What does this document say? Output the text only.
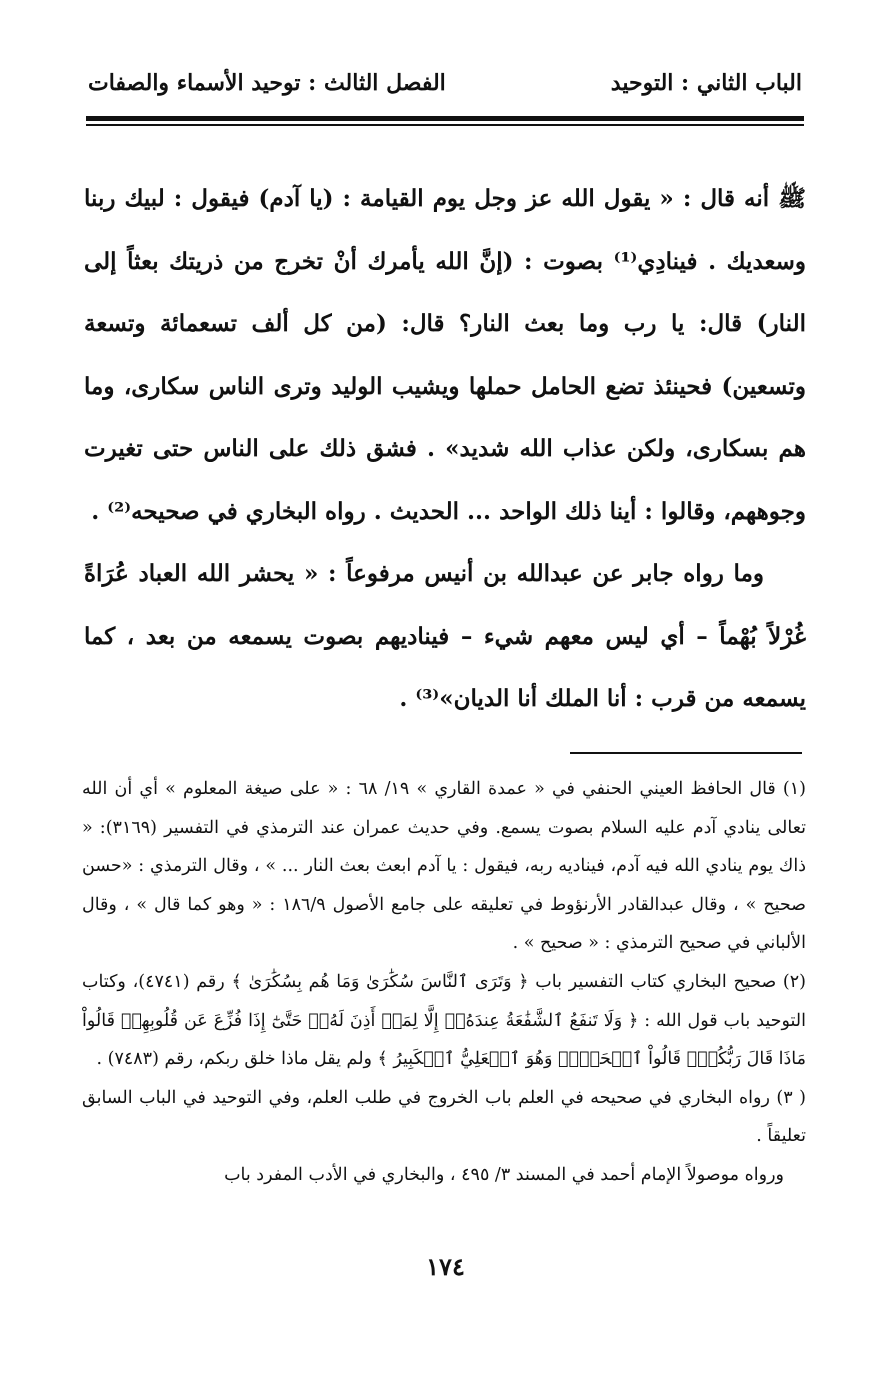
الباب الثاني : التوحيد
الفصل الثالث : توحيد الأسماء والصفات

ﷺ أنه قال : « يقول الله عز وجل يوم القيامة : (يا آدم) فيقول : لبيك ربنا وسعديك . فينادِي⁽¹⁾ بصوت : (إنَّ الله يأمرك أنْ تخرج من ذريتك بعثاً إلى النار) قال: يا رب وما بعث النار؟ قال: (من كل ألف تسعمائة وتسعة وتسعين) فحينئذ تضع الحامل حملها ويشيب الوليد وترى الناس سكارى، وما هم بسكارى، ولكن عذاب الله شديد» . فشق ذلك على الناس حتى تغيرت وجوههم، وقالوا : أينا ذلك الواحد ... الحديث . رواه البخاري في صحيحه⁽²⁾ .

وما رواه جابر عن عبدالله بن أنيس مرفوعاً : « يحشر الله العباد عُرَاةً غُرْلاً بُهْماً – أي ليس معهم شيء – فيناديهم بصوت يسمعه من بعد ، كما يسمعه من قرب : أنا الملك أنا الديان»⁽³⁾ .

(١) قال الحافظ العيني الحنفي في « عمدة القاري » ١٩/ ٦٨ : « على صيغة المعلوم » أي أن الله تعالى ينادي آدم عليه السلام بصوت يسمع. وفي حديث عمران عند الترمذي في التفسير (٣١٦٩): « ذاك يوم ينادي الله فيه آدم، فيناديه ربه، فيقول : يا آدم ابعث بعث النار ... » ، وقال الترمذي : «حسن صحيح » ، وقال عبدالقادر الأرنؤوط في تعليقه على جامع الأصول ١٨٦/٩ : « وهو كما قال » ، وقال الألباني في صحيح الترمذي : « صحيح » .

(٢) صحيح البخاري كتاب التفسير باب ﴿ وَتَرَى ٱلنَّاسَ سُكَٰرَىٰ وَمَا هُم بِسُكَٰرَىٰ ﴾ رقم (٤٧٤١)، وكتاب التوحيد باب قول الله : ﴿ وَلَا تَنفَعُ ٱلشَّفَٰعَةُ عِندَهُۥٓ إِلَّا لِمَنۡ أَذِنَ لَهُۥۚ حَتَّىٰٓ إِذَا فُزِّعَ عَن قُلُوبِهِمۡ قَالُواْ مَاذَا قَالَ رَبُّكُمۡۖ قَالُواْ ٱلۡحَقَّۖ وَهُوَ ٱلۡعَلِيُّ ٱلۡكَبِيرُ ﴾ ولم يقل ماذا خلق ربكم، رقم (٧٤٨٣) .

( ٣) رواه البخاري في صحيحه في العلم باب الخروج في طلب العلم، وفي التوحيد في الباب السابق تعليقاً .

ورواه موصولاً الإمام أحمد في المسند ٣/ ٤٩٥ ، والبخاري في الأدب المفرد باب

١٧٤
